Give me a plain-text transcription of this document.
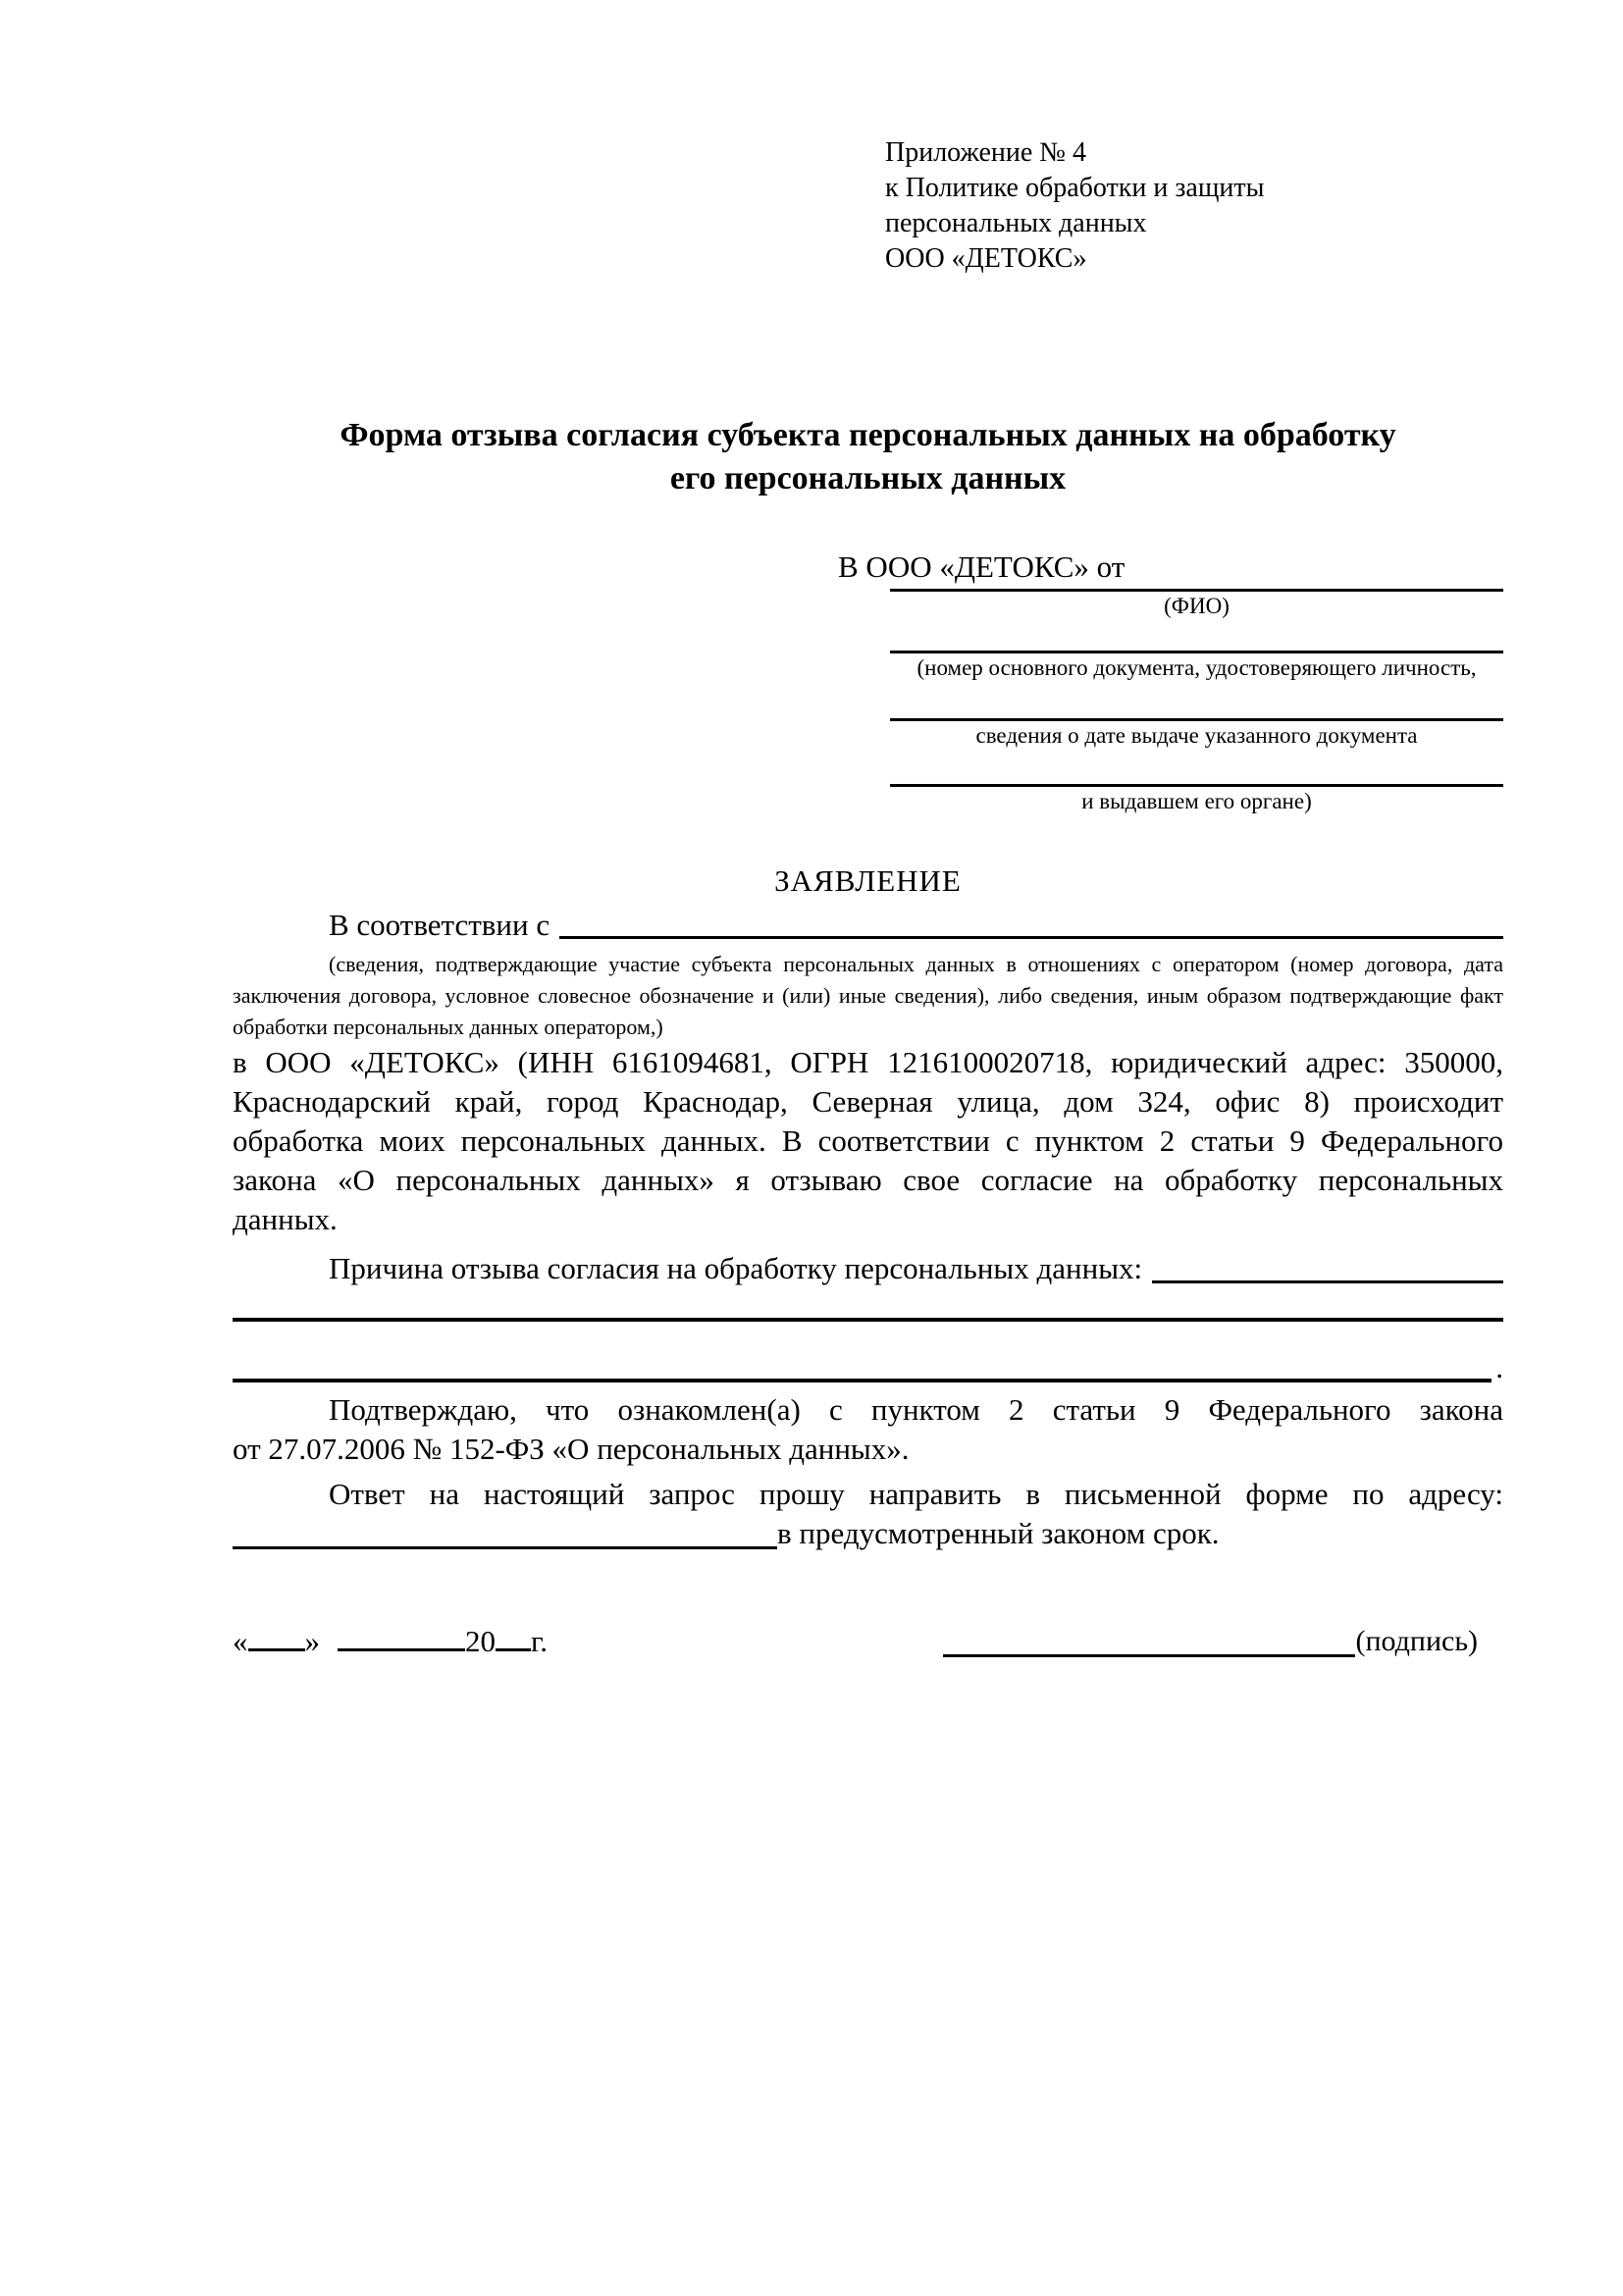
Приложение № 4
к Политике обработки и защиты
персональных данных
ООО «ДЕТОКС»
Форма отзыва согласия субъекта персональных данных на обработку
его персональных данных
В ООО «ДЕТОКС» от
(ФИО)
(номер основного документа, удостоверяющего личность,
сведения о дате выдаче указанного документа
и выдавшем его органе)
ЗАЯВЛЕНИЕ
В соответствии с
(сведения, подтверждающие участие субъекта персональных данных в отношениях с оператором (номер договора, дата
заключения договора, условное словесное обозначение и (или) иные сведения), либо сведения, иным образом подтверждающие факт
обработки персональных данных оператором,)
в ООО «ДЕТОКС» (ИНН 6161094681, ОГРН 1216100020718, юридический адрес: 350000,
Краснодарский край, город Краснодар, Северная улица, дом 324, офис 8) происходит
обработка моих персональных данных. В соответствии с пунктом 2 статьи 9 Федерального
закона «О персональных данных» я отзываю свое согласие на обработку персональных
данных.
Причина отзыва согласия на обработку персональных данных:
.
Подтверждаю, что ознакомлен(а) с пунктом 2 статьи 9 Федерального закона
от 27.07.2006 № 152-ФЗ «О персональных данных».
Ответ на настоящий запрос прошу направить в письменной форме по адресу:
в предусмотренный законом срок.
« »	20 г.	(подпись)
